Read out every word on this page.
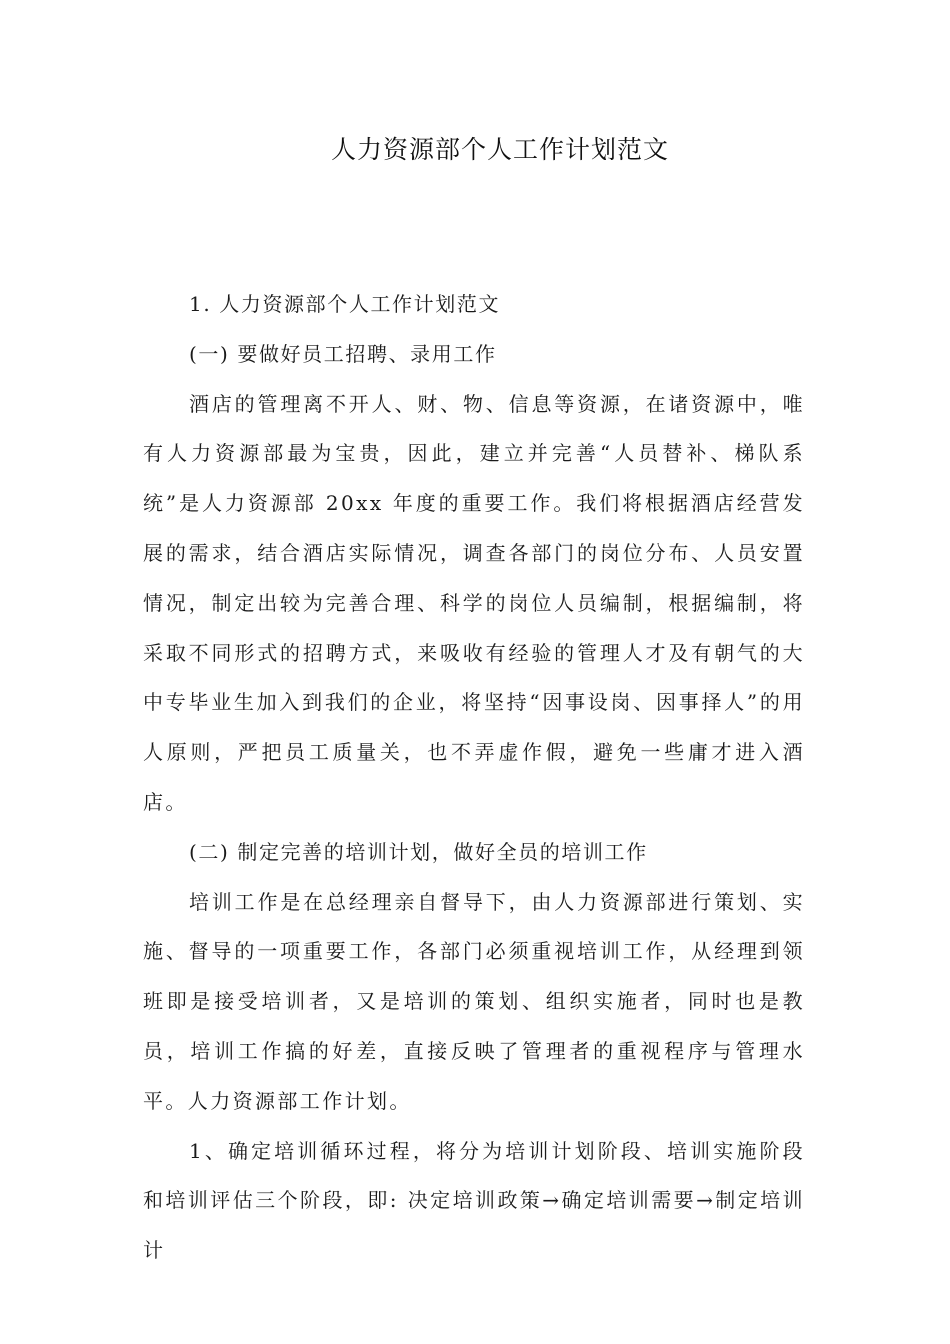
人力资源部个人工作计划范文

1. 人力资源部个人工作计划范文

(一) 要做好员工招聘、录用工作

酒店的管理离不开人、财、物、信息等资源，在诸资源中，唯有人力资源部最为宝贵，因此，建立并完善“人员替补、梯队系统”是人力资源部 20xx 年度的重要工作。我们将根据酒店经营发展的需求，结合酒店实际情况，调查各部门的岗位分布、人员安置情况，制定出较为完善合理、科学的岗位人员编制，根据编制，将采取不同形式的招聘方式，来吸收有经验的管理人才及有朝气的大中专毕业生加入到我们的企业，将坚持“因事设岗、因事择人”的用人原则，严把员工质量关，也不弄虚作假，避免一些庸才进入酒店。

(二) 制定完善的培训计划，做好全员的培训工作

培训工作是在总经理亲自督导下，由人力资源部进行策划、实施、督导的一项重要工作，各部门必须重视培训工作，从经理到领班即是接受培训者，又是培训的策划、组织实施者，同时也是教员，培训工作搞的好差，直接反映了管理者的重视程序与管理水平。人力资源部工作计划。

1、确定培训循环过程，将分为培训计划阶段、培训实施阶段和培训评估三个阶段，即: 决定培训政策→确定培训需要→制定培训计
